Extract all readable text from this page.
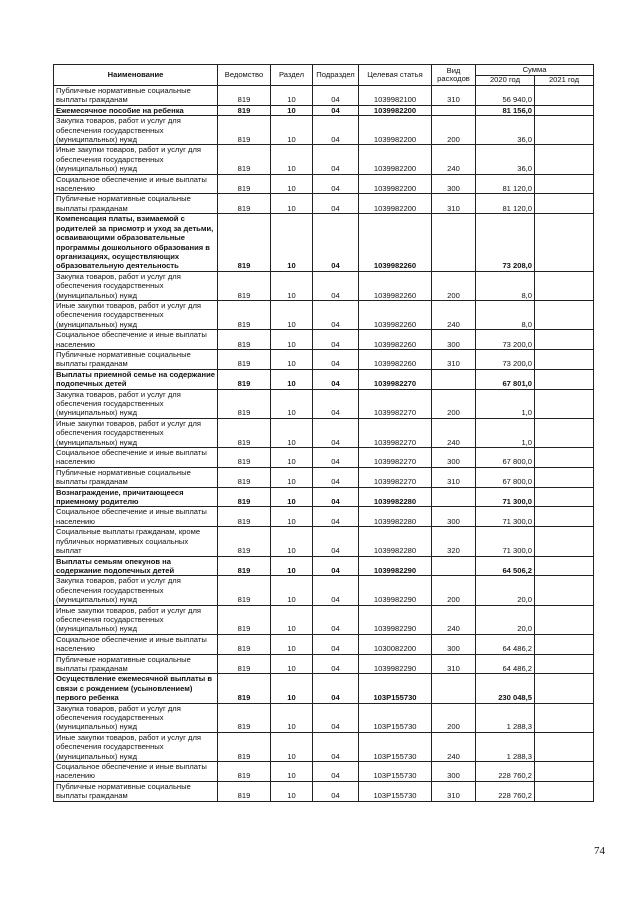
Наименование	Ведомство	Раздел	Подраздел	Целевая статья	Вид расходов	Сумма	
						2020 год	2021 год
Публичные нормативные социальные выплаты гражданам	819	10	04	1039982100	310	56 940,0	
Ежемесячное пособие на ребенка	819	10	04	1039982200		81 156,0	
Закупка товаров, работ и услуг для обеспечения государственных (муниципальных) нужд	819	10	04	1039982200	200	36,0	
Иные закупки товаров, работ и услуг для обеспечения государственных (муниципальных) нужд	819	10	04	1039982200	240	36,0	
Социальное обеспечение и иные выплаты населению	819	10	04	1039982200	300	81 120,0	
Публичные нормативные социальные выплаты гражданам	819	10	04	1039982200	310	81 120,0	
Компенсация платы, взимаемой с родителей за присмотр и уход за детьми, осваивающими образовательные программы дошкольного образования в организациях, осуществляющих образовательную деятельность	819	10	04	1039982260		73 208,0	
Закупка товаров, работ и услуг для обеспечения государственных (муниципальных) нужд	819	10	04	1039982260	200	8,0	
Иные закупки товаров, работ и услуг для обеспечения государственных (муниципальных) нужд	819	10	04	1039982260	240	8,0	
Социальное обеспечение и иные выплаты населению	819	10	04	1039982260	300	73 200,0	
Публичные нормативные социальные выплаты гражданам	819	10	04	1039982260	310	73 200,0	
Выплаты приемной семье на содержание подопечных детей	819	10	04	1039982270		67 801,0	
Закупка товаров, работ и услуг для обеспечения государственных (муниципальных) нужд	819	10	04	1039982270	200	1,0	
Иные закупки товаров, работ и услуг для обеспечения государственных (муниципальных) нужд	819	10	04	1039982270	240	1,0	
Социальное обеспечение и иные выплаты населению	819	10	04	1039982270	300	67 800,0	
Публичные нормативные социальные выплаты гражданам	819	10	04	1039982270	310	67 800,0	
Вознаграждение, причитающееся приемному родителю	819	10	04	1039982280		71 300,0	
Социальное обеспечение и иные выплаты населению	819	10	04	1039982280	300	71 300,0	
Социальные выплаты гражданам, кроме публичных нормативных социальных выплат	819	10	04	1039982280	320	71 300,0	
Выплаты семьям опекунов на содержание подопечных детей	819	10	04	1039982290		64 506,2	
Закупка товаров, работ и услуг для обеспечения государственных (муниципальных) нужд	819	10	04	1039982290	200	20,0	
Иные закупки товаров, работ и услуг для обеспечения государственных (муниципальных) нужд	819	10	04	1039982290	240	20,0	
Социальное обеспечение и иные выплаты населению	819	10	04	1030082200	300	64 486,2	
Публичные нормативные социальные выплаты гражданам	819	10	04	1039982290	310	64 486,2	
Осуществление ежемесячной выплаты в связи с рождением (усыновлением) первого ребенка	819	10	04	103P155730		230 048,5	
Закупка товаров, работ и услуг для обеспечения государственных (муниципальных) нужд	819	10	04	103P155730	200	1 288,3	
Иные закупки товаров, работ и услуг для обеспечения государственных (муниципальных) нужд	819	10	04	103P155730	240	1 288,3	
Социальное обеспечение и иные выплаты населению	819	10	04	103P155730	300	228 760,2	
Публичные нормативные социальные выплаты гражданам	819	10	04	103P155730	310	228 760,2	
74
